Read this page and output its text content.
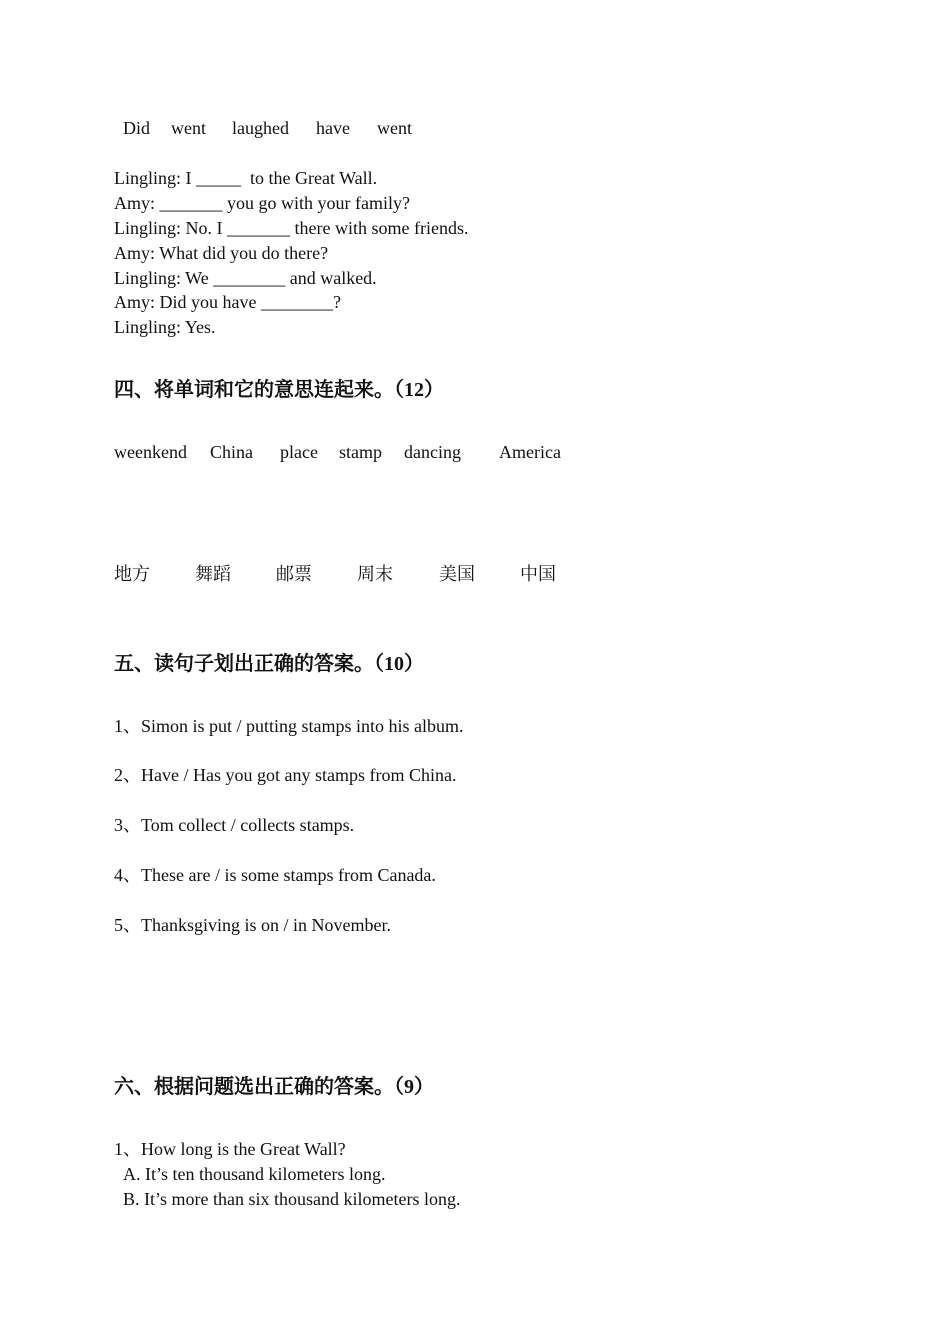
Did went laughed have went
Lingling: I _____  to the Great Wall.
Amy: _______ you go with your family?
Lingling: No. I _______ there with some friends.
Amy: What did you do there?
Lingling: We ________ and walked.
Amy: Did you have ________?
Lingling: Yes.
四、将单词和它的意思连起来。（12）
weenkend China place stamp dancing America
地方	舞蹈	邮票	周末	美国	中国
五、读句子划出正确的答案。（10）
1、Simon is put / putting stamps into his album.
2、Have / Has you got any stamps from China.
3、Tom collect / collects stamps.
4、These are / is some stamps from Canada.
5、Thanksgiving is on / in November.
六、根据问题选出正确的答案。（9）
1、How long is the Great Wall?
A. It’s ten thousand kilometers long.
B. It’s more than six thousand kilometers long.
